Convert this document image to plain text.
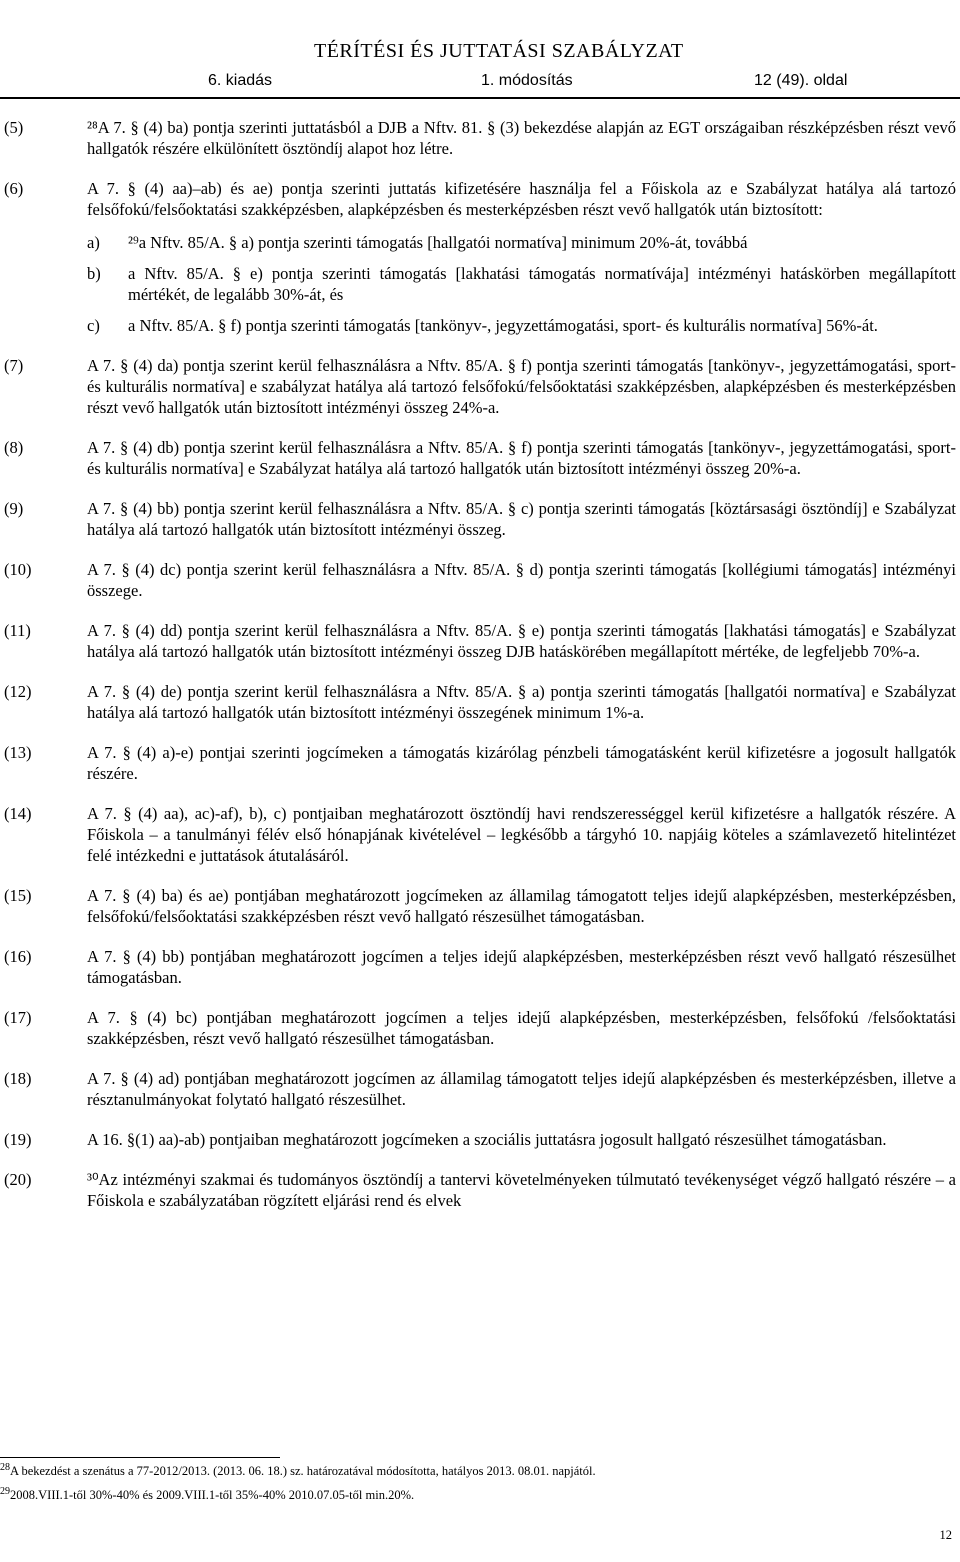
TÉRÍTÉSI ÉS JUTTATÁSI SZABÁLYZAT
6. kiadás	1. módosítás	12 (49). oldal
(5)	²⁸A 7. § (4) ba) pontja szerinti juttatásból a DJB a Nftv. 81. § (3) bekezdése alapján az EGT országaiban részképzésben részt vevő hallgatók részére elkülönített ösztöndíj alapot hoz létre.
(6)	A 7. § (4) aa)–ab) és ae) pontja szerinti juttatás kifizetésére használja fel a Főiskola az e Szabályzat hatálya alá tartozó felsőfokú/felsőoktatási szakképzésben, alapképzésben és mesterképzésben részt vevő hallgatók után biztosított:
a) ²⁹a Nftv. 85/A. § a) pontja szerinti támogatás [hallgatói normatíva] minimum 20%-át, továbbá
b) a Nftv. 85/A. § e) pontja szerinti támogatás [lakhatási támogatás normatívája] intézményi hatáskörben megállapított mértékét, de legalább 30%-át, és
c) a Nftv. 85/A. § f) pontja szerinti támogatás [tankönyv-, jegyzettámogatási, sport- és kulturális normatíva] 56%-át.
(7)	A 7. § (4) da) pontja szerint kerül felhasználásra a Nftv. 85/A. § f) pontja szerinti támogatás [tankönyv-, jegyzettámogatási, sport- és kulturális normatíva] e szabályzat hatálya alá tartozó felsőfokú/felsőoktatási szakképzésben, alapképzésben és mesterképzésben részt vevő hallgatók után biztosított intézményi összeg 24%-a.
(8)	A 7. § (4) db) pontja szerint kerül felhasználásra a Nftv. 85/A. § f) pontja szerinti támogatás [tankönyv-, jegyzettámogatási, sport- és kulturális normatíva] e Szabályzat hatálya alá tartozó hallgatók után biztosított intézményi összeg 20%-a.
(9)	A 7. § (4) bb) pontja szerint kerül felhasználásra a Nftv. 85/A. § c) pontja szerinti támogatás [köztársasági ösztöndíj] e Szabályzat hatálya alá tartozó hallgatók után biztosított intézményi összeg.
(10)	A 7. § (4) dc) pontja szerint kerül felhasználásra a Nftv. 85/A. § d) pontja szerinti támogatás [kollégiumi támogatás] intézményi összege.
(11)	A 7. § (4) dd) pontja szerint kerül felhasználásra a Nftv. 85/A. § e) pontja szerinti támogatás [lakhatási támogatás] e Szabályzat hatálya alá tartozó hallgatók után biztosított intézményi összeg DJB hatáskörében megállapított mértéke, de legfeljebb 70%-a.
(12)	A 7. § (4) de) pontja szerint kerül felhasználásra a Nftv. 85/A. § a) pontja szerinti támogatás [hallgatói normatíva] e Szabályzat hatálya alá tartozó hallgatók után biztosított intézményi összegének minimum 1%-a.
(13)	A 7. § (4) a)-e) pontjai szerinti jogcímeken a támogatás kizárólag pénzbeli támogatásként kerül kifizetésre a jogosult hallgatók részére.
(14)	A 7. § (4) aa), ac)-af), b), c) pontjaiban meghatározott ösztöndíj havi rendszerességgel kerül kifizetésre a hallgatók részére. A Főiskola – a tanulmányi félév első hónapjának kivételével – legkésőbb a tárgyhó 10. napjáig köteles a számlavezető hitelintézet felé intézkedni e juttatások átutalásáról.
(15)	A 7. § (4) ba) és ae) pontjában meghatározott jogcímeken az államilag támogatott teljes idejű alapképzésben, mesterképzésben, felsőfokú/felsőoktatási szakképzésben részt vevő hallgató részesülhet támogatásban.
(16)	A 7. § (4) bb) pontjában meghatározott jogcímen a teljes idejű alapképzésben, mesterképzésben részt vevő hallgató részesülhet támogatásban.
(17)	A 7. § (4) bc) pontjában meghatározott jogcímen a teljes idejű alapképzésben, mesterképzésben, felsőfokú /felsőoktatási szakképzésben, részt vevő hallgató részesülhet támogatásban.
(18)	A 7. § (4) ad) pontjában meghatározott jogcímen az államilag támogatott teljes idejű alapképzésben és mesterképzésben, illetve a résztanulmányokat folytató hallgató részesülhet.
(19)	A 16. §(1) aa)-ab) pontjaiban meghatározott jogcímeken a szociális juttatásra jogosult hallgató részesülhet támogatásban.
(20)	³⁰Az intézményi szakmai és tudományos ösztöndíj a tantervi követelményeken túlmutató tevékenységet végző hallgató részére – a Főiskola e szabályzatában rögzített eljárási rend és elvek

$^{28}$A bekezdést a szenátus a 77-2012/2013. (2013. 06. 18.) sz. határozatával módosította, hatályos 2013. 08.01. napjától.

$^{29}$2008.VIII.1-től 30%-40% és 2009.VIII.1-től 35%-40% 2010.07.05-től min.20%.

12
